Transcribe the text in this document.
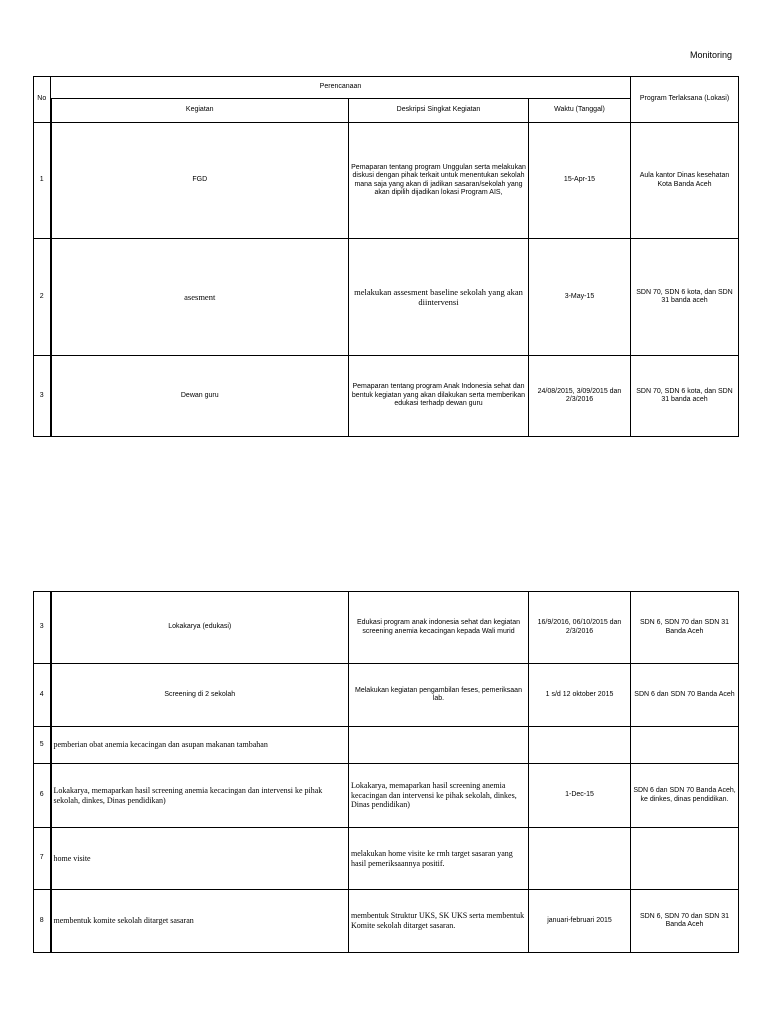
Monitoring
No	Perencanaan			Program Terlaksana (Lokasi)
	Kegiatan	Deskripsi Singkat Kegiatan	Waktu (Tanggal)	
1	FGD	Pemaparan tentang program Unggulan serta melakukan diskusi dengan pihak terkait untuk menentukan sekolah mana saja yang akan di jadikan sasaran/sekolah yang akan dipilih dijadikan lokasi Program AIS,	15-Apr-15	Aula kantor Dinas kesehatan Kota Banda Aceh
2	asesment	melakukan assesment baseline sekolah yang akan diintervensi	3-May-15	SDN 70, SDN 6 kota, dan SDN 31 banda aceh
3	Dewan guru	Pemaparan tentang program Anak Indonesia sehat dan bentuk kegiatan yang akan dilakukan serta memberikan edukasi terhadp dewan guru	24/08/2015, 3/09/2015 dan 2/3/2016	SDN 70, SDN 6 kota, dan SDN 31 banda aceh
3	Lokakarya (edukasi)	Edukasi program anak indonesia sehat dan kegiatan screening anemia kecacingan kepada Wali murid	16/9/2016, 06/10/2015 dan 2/3/2016	SDN 6, SDN 70 dan SDN 31 Banda Aceh
4	Screening di 2 sekolah	Melakukan kegiatan pengambilan feses, pemeriksaan lab.	1 s/d 12 oktober 2015	SDN 6 dan SDN 70 Banda Aceh
5	pemberian obat anemia kecacingan dan asupan makanan tambahan			
6	Lokakarya, memaparkan hasil screening anemia kecacingan dan intervensi ke pihak sekolah, dinkes, Dinas pendidikan)	Lokakarya, memaparkan hasil screening anemia kecacingan dan intervensi ke pihak sekolah, dinkes, Dinas pendidikan)	1-Dec-15	SDN 6 dan SDN 70 Banda Aceh, ke dinkes, dinas pendidikan.
7	home visite	melakukan home visite ke rmh target sasaran yang hasil pemeriksaannya positif.		
8	membentuk komite sekolah ditarget sasaran	membentuk Struktur UKS, SK UKS serta membentuk Komite sekolah ditarget sasaran.	januari-februari 2015	SDN 6, SDN 70 dan SDN 31 Banda Aceh
